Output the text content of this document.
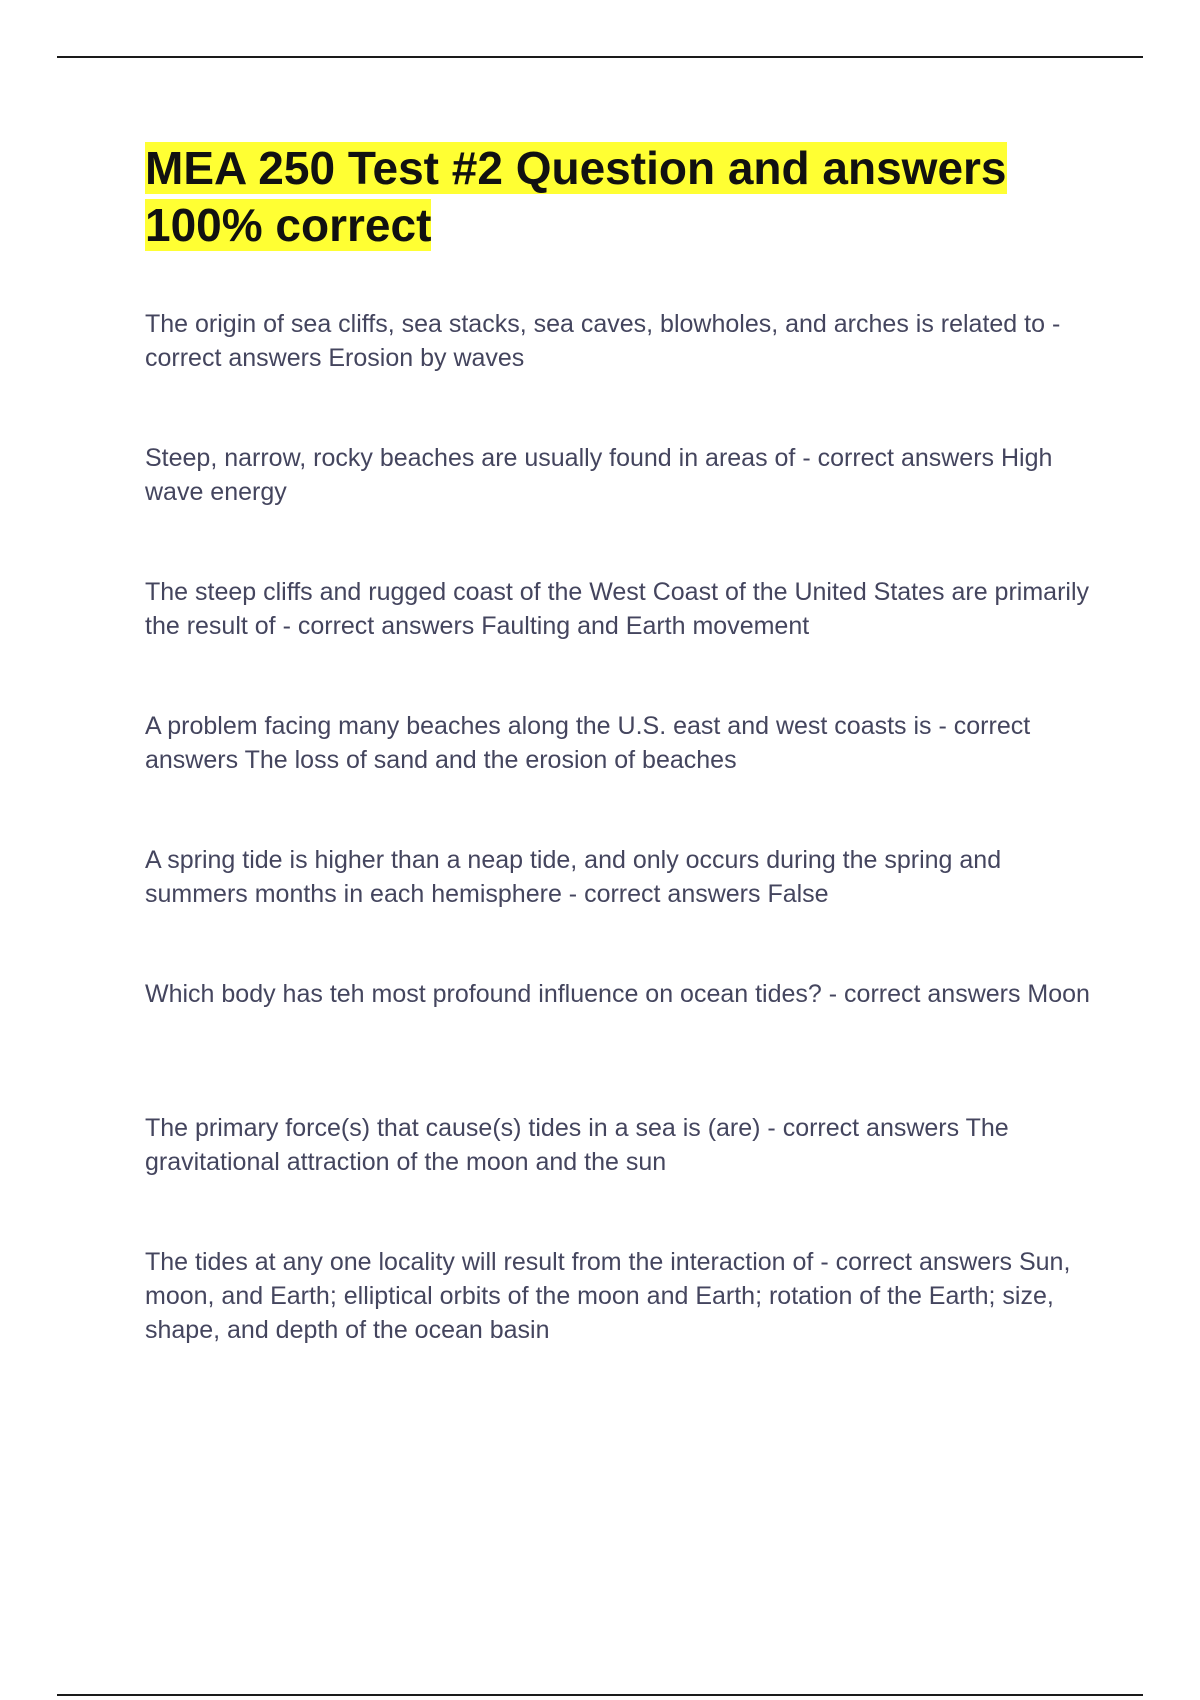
MEA 250 Test #2 Question and answers 100% correct
The origin of sea cliffs, sea stacks, sea caves, blowholes, and arches is related to - correct answers Erosion by waves
Steep, narrow, rocky beaches are usually found in areas of - correct answers High wave energy
The steep cliffs and rugged coast of the West Coast of the United States are primarily the result of - correct answers Faulting and Earth movement
A problem facing many beaches along the U.S. east and west coasts is - correct answers The loss of sand and the erosion of beaches
A spring tide is higher than a neap tide, and only occurs during the spring and summers months in each hemisphere - correct answers False
Which body has teh most profound influence on ocean tides? - correct answers Moon
The primary force(s) that cause(s) tides in a sea is (are) - correct answers The gravitational attraction of the moon and the sun
The tides at any one locality will result from the interaction of - correct answers Sun, moon, and Earth; elliptical orbits of the moon and Earth; rotation of the Earth; size, shape, and depth of the ocean basin
